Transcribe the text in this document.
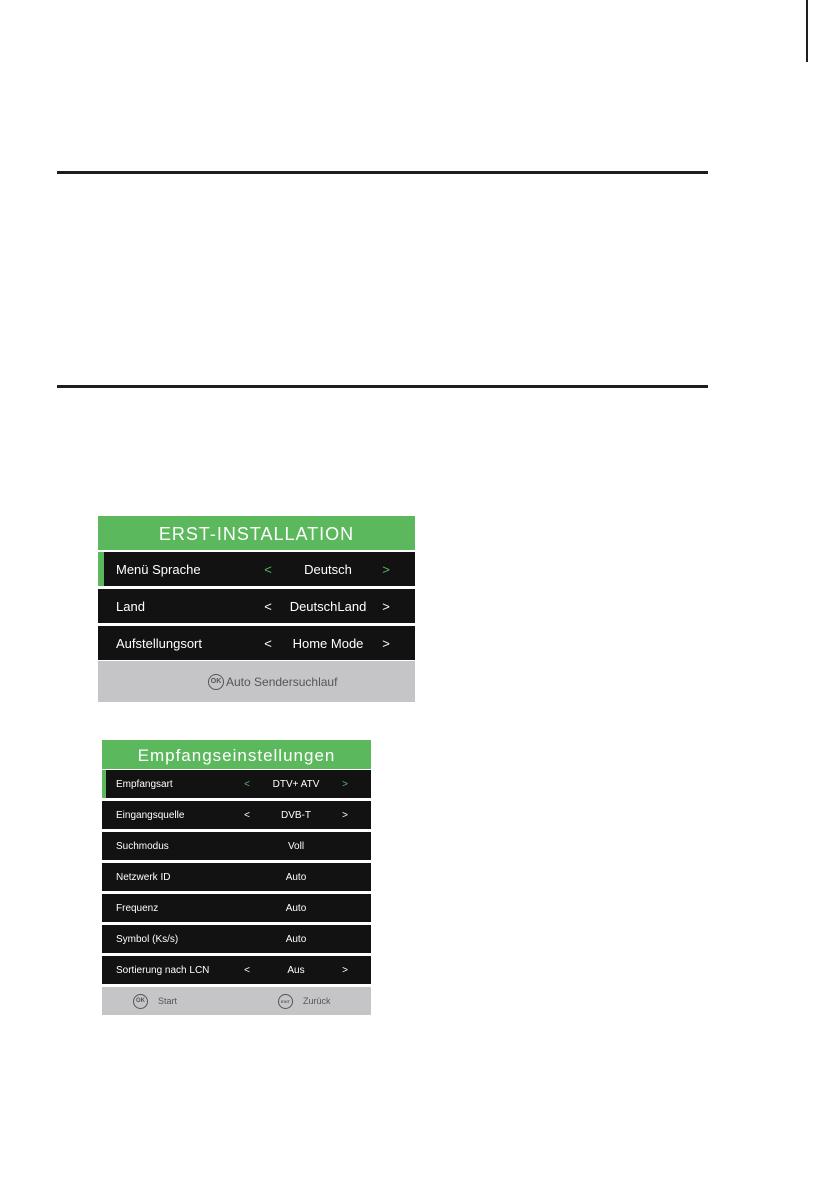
ERST-INSTALLATION
Menü Sprache	<	Deutsch	>
Land	<	DeutschLand	>
Aufstellungsort	<	Home Mode	>
OK Auto Sendersuchlauf
Empfangseinstellungen
Empfangsart	<	DTV+ ATV	>
Eingangsquelle	<	DVB-T	>
Suchmodus	Voll
Netzwerk ID	Auto
Frequenz	Auto
Symbol (Ks/s)	Auto
Sortierung nach LCN	<	Aus	>
OK	Start	EXIT	Zurück
